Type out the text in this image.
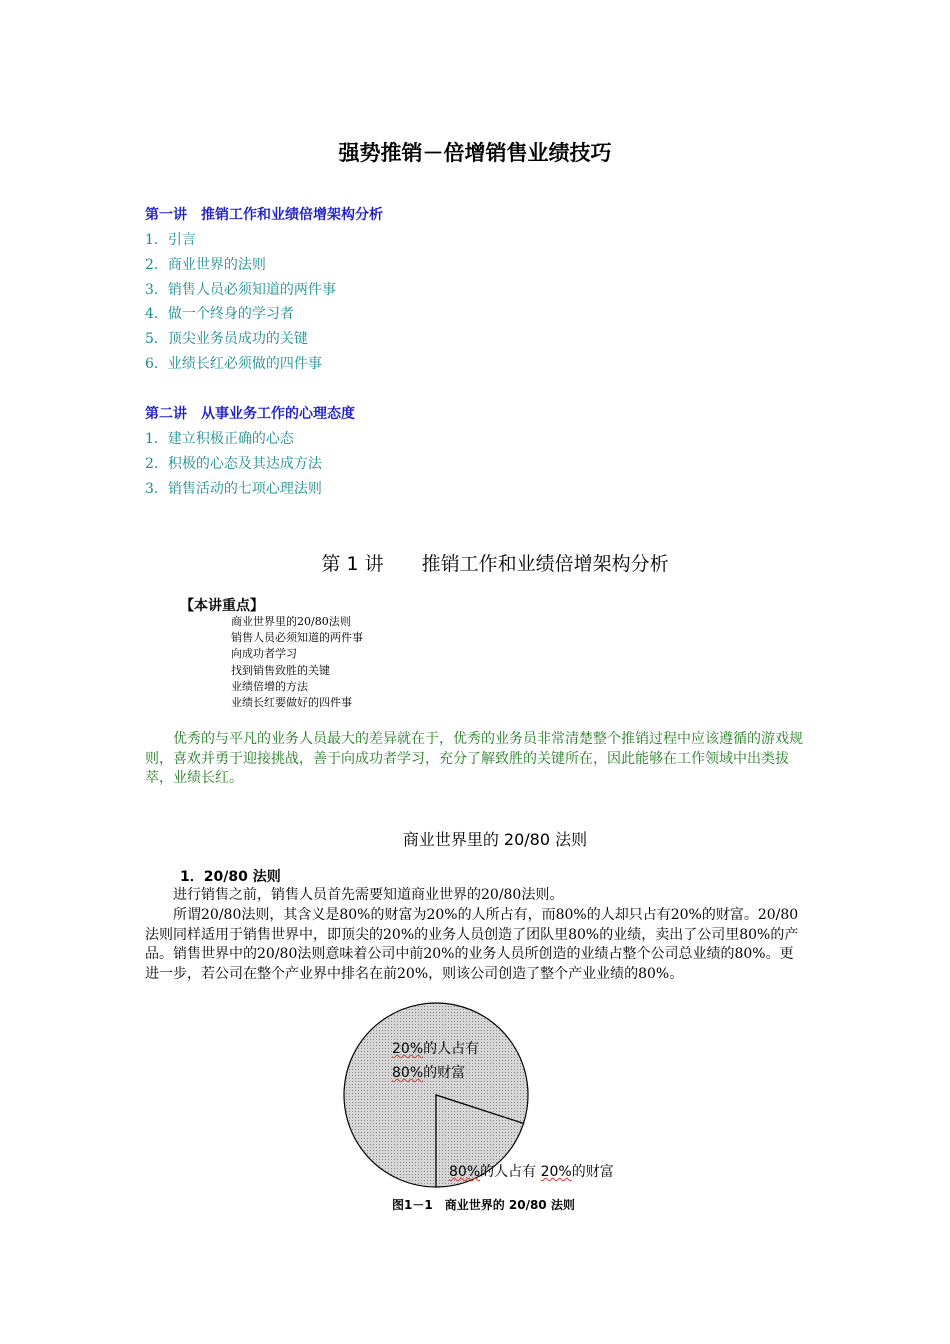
强势推销－倍增销售业绩技巧
第一讲　推销工作和业绩倍增架构分析
1．引言
2．商业世界的法则
3．销售人员必须知道的两件事
4．做一个终身的学习者
5．顶尖业务员成功的关键
6．业绩长红必须做的四件事
第二讲　从事业务工作的心理态度
1．建立积极正确的心态
2．积极的心态及其达成方法
3．销售活动的七项心理法则
第 1 讲　　推销工作和业绩倍增架构分析
【本讲重点】
商业世界里的20/80法则
销售人员必须知道的两件事
向成功者学习
找到销售致胜的关键
业绩倍增的方法
业绩长红要做好的四件事
　　优秀的与平凡的业务人员最大的差异就在于，优秀的业务员非常清楚整个推销过程中应该遵循的游戏规则，喜欢并勇于迎接挑战，善于向成功者学习，充分了解致胜的关键所在，因此能够在工作领域中出类拔萃，业绩长红。
商业世界里的 20/80 法则
1．20/80 法则
　　进行销售之前，销售人员首先需要知道商业世界的20/80法则。
　　所谓20/80法则，其含义是80%的财富为20%的人所占有，而80%的人却只占有20%的财富。20/80法则同样适用于销售世界中，即顶尖的20%的业务人员创造了团队里80%的业绩，卖出了公司里80%的产品。销售世界中的20/80法则意味着公司中前20%的业务人员所创造的业绩占整个公司总业绩的80%。更进一步，若公司在整个产业界中排名在前20%，则该公司创造了整个产业业绩的80%。
20%的人占有
80%的财富
80%的人占有 20%的财富
图1－1　商业世界的 20/80 法则
